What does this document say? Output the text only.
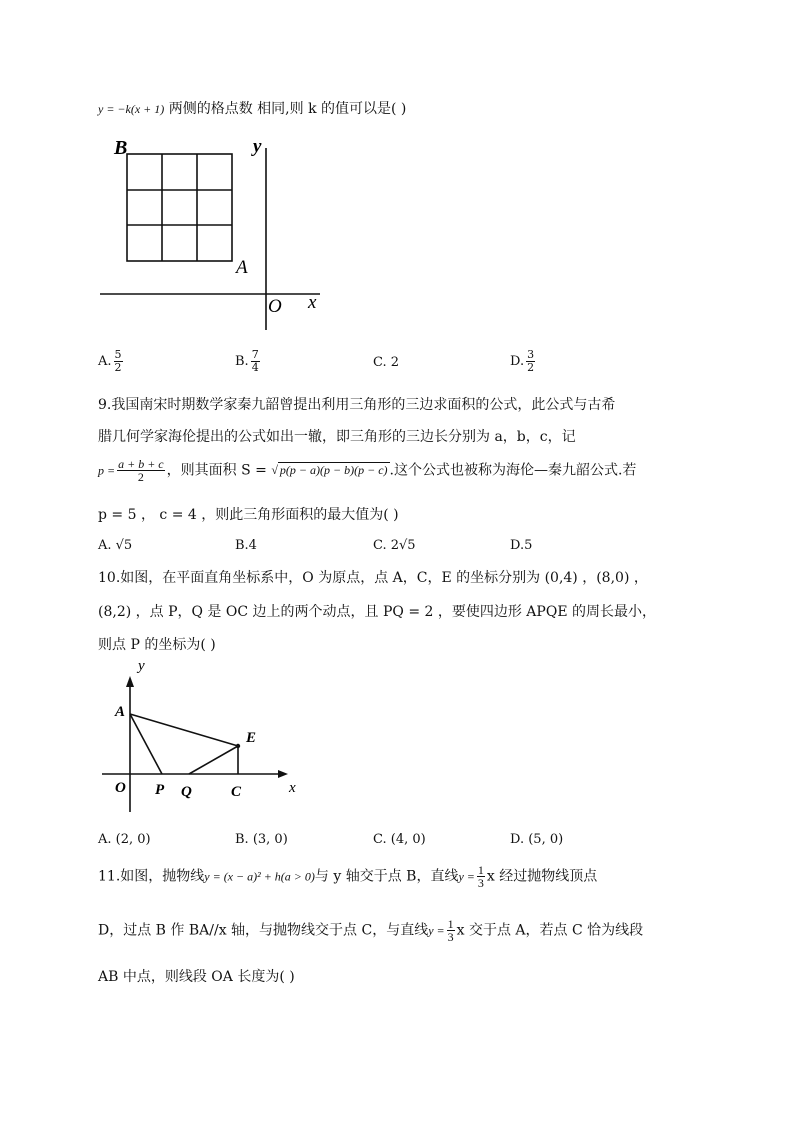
y = −k(x + 1) 两侧的格点数 相同,则 k 的值可以是( )
B
A
y
O x
A. $\frac{5}{2}$	B. $\frac{7}{4}$	C. 2	D. $\frac{3}{2}$
9.我国南宋时期数学家秦九韶曾提出利用三角形的三边求面积的公式，此公式与古希
腊几何学家海伦提出的公式如出一辙，即三角形的三边长分别为 a，b，c，记
$p = \frac{a + b + c}{2}$ ，则其面积 S = √ p(p − a)(p − b)(p − c) .这个公式也被称为海伦—秦九韶公式.若
p = 5 ， c = 4 ，则此三角形面积的最大值为( )
A. √5	B.4	C. 2√5	D.5
10.如图，在平面直角坐标系中，O 为原点，点 A，C，E 的坐标分别为 (0,4) ，(8,0) ，
(8,2) ，点 P，Q 是 OC 边上的两个动点，且 PQ = 2 ，要使四边形 APQE 的周长最小，
则点 P 的坐标为( )
y
A
E
O P Q	C	x
A. (2, 0)	B. (3, 0)	C. (4, 0)	D. (5, 0)
11.如图，抛物线y = (x − a)² + h(a > 0)与 y 轴交于点 B，直线$y = \frac{1}{3}$ x 经过抛物线顶点
D，过点 B 作 BA//x 轴，与抛物线交于点 C，与直线$y = \frac{1}{3}$ x 交于点 A，若点 C 恰为线段
AB 中点，则线段 OA 长度为( )
